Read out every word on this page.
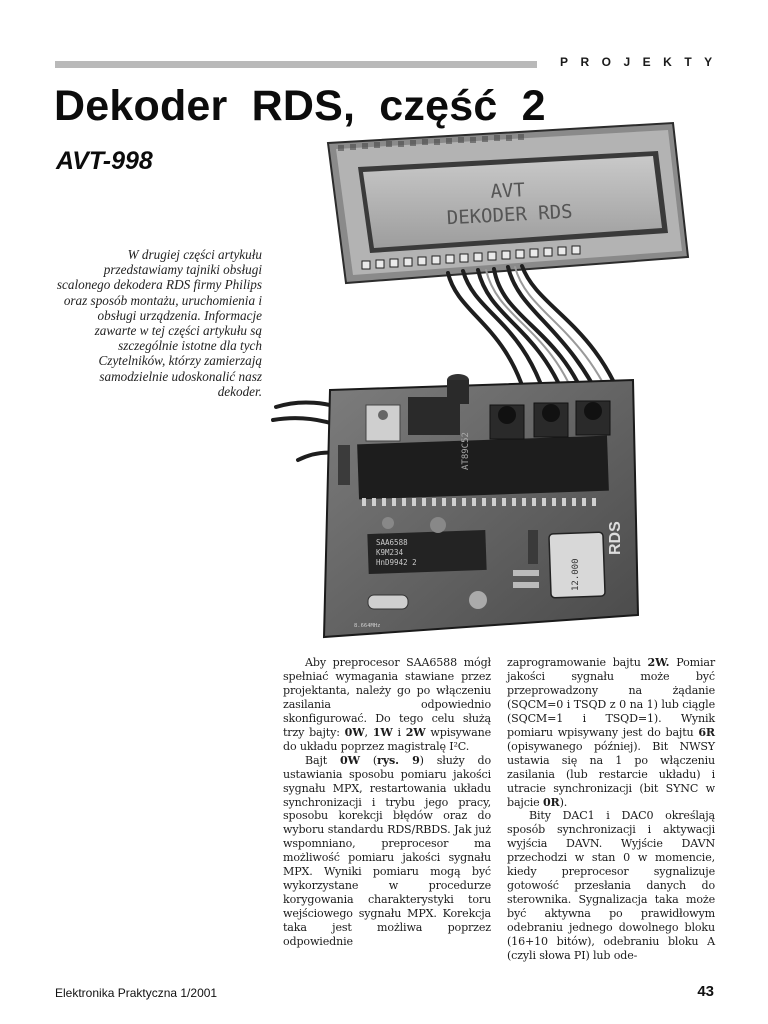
PROJEKTY
Dekoder RDS, część 2
AVT-998
W drugiej części artykułu przedstawiamy tajniki obsługi scalonego dekodera RDS firmy Philips oraz sposób montażu, uruchomienia i obsługi urządzenia. Informacje zawarte w tej części artykułu są szczególnie istotne dla tych Czytelników, którzy zamierzają samodzielnie udoskonalić nasz dekoder.
AVT
DEKODER RDS
AT89C52
SAA6588
K9M234
HnD9942 2	12.000
RDS
8.664MHz

Aby preprocesor SAA6588 mógł spełniać wymagania stawiane przez projektanta, należy go po włączeniu zasilania odpowiednio skonfigurować. Do tego celu służą trzy bajty: 0W, 1W i 2W wpisywane do układu poprzez magistralę I²C.

Bajt 0W (rys. 9) służy do ustawiania sposobu pomiaru jakości sygnału MPX, restartowania układu synchronizacji i trybu jego pracy, sposobu korekcji błędów oraz do wyboru standardu RDS/RBDS. Jak już wspomniano, preprocesor ma możliwość pomiaru jakości sygnału MPX. Wyniki pomiaru mogą być wykorzystane w procedurze korygowania charakterystyki toru wejściowego sygnału MPX. Korekcja taka jest możliwa poprzez odpowiednie

zaprogramowanie bajtu 2W. Pomiar jakości sygnału może być przeprowadzony na żądanie (SQCM=0 i TSQD z 0 na 1) lub ciągle (SQCM=1 i TSQD=1). Wynik pomiaru wpisywany jest do bajtu 6R (opisywanego później). Bit NWSY ustawia się na 1 po włączeniu zasilania (lub restarcie układu) i utracie synchronizacji (bit SYNC w bajcie 0R).

Bity DAC1 i DAC0 określają sposób synchronizacji i aktywacji wyjścia DAVN. Wyjście DAVN przechodzi w stan 0 w momencie, kiedy preprocesor sygnalizuje gotowość przesłania danych do sterownika. Sygnalizacja taka może być aktywna po prawidłowym odebraniu jednego dowolnego bloku (16+10 bitów), odebraniu bloku A (czyli słowa PI) lub ode-

Elektronika Praktyczna 1/2001	43
